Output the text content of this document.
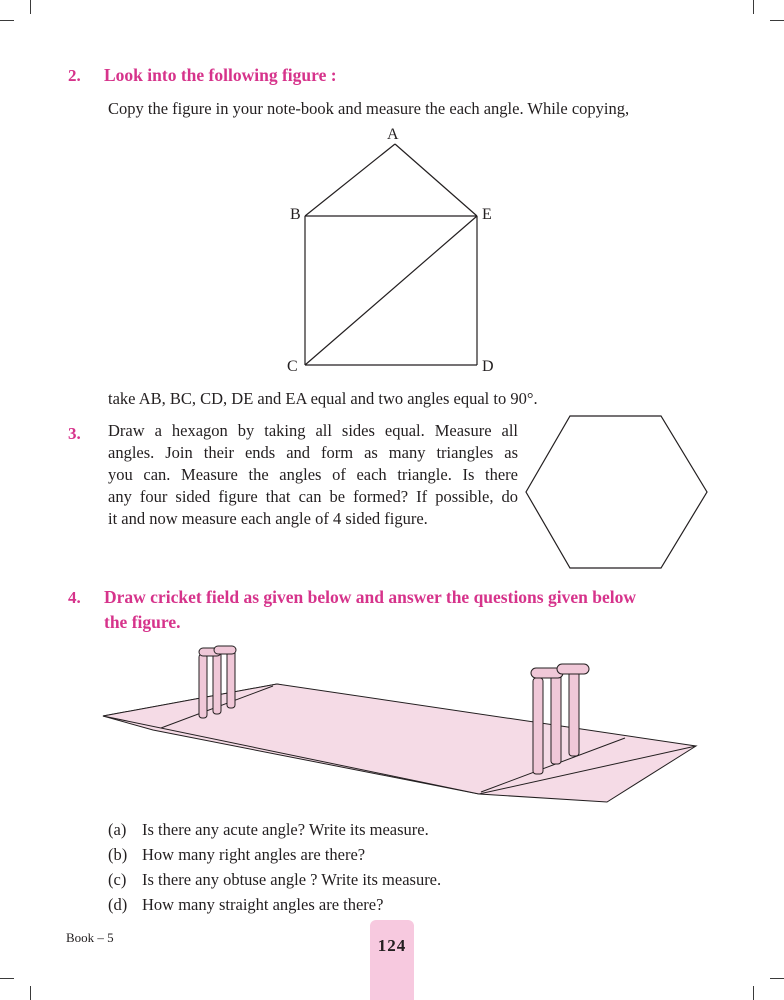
2. Look into the following figure :
Copy the figure in your note-book and measure the each angle. While copying,
A
B	E
C	D
take AB, BC, CD, DE and EA equal and two angles equal to 90°.
3. Draw a hexagon by taking all sides equal. Measure all
angles. Join their ends and form as many triangles as
you can. Measure the angles of each triangle. Is there
any four sided figure that can be formed? If possible, do
it and now measure each angle of 4 sided figure.
4. Draw cricket field as given below and answer the questions given below
the figure.
(a) Is there any acute angle? Write its measure.
(b) How many right angles are there?
(c) Is there any obtuse angle ? Write its measure.
(d) How many straight angles are there?
Book – 5	124
